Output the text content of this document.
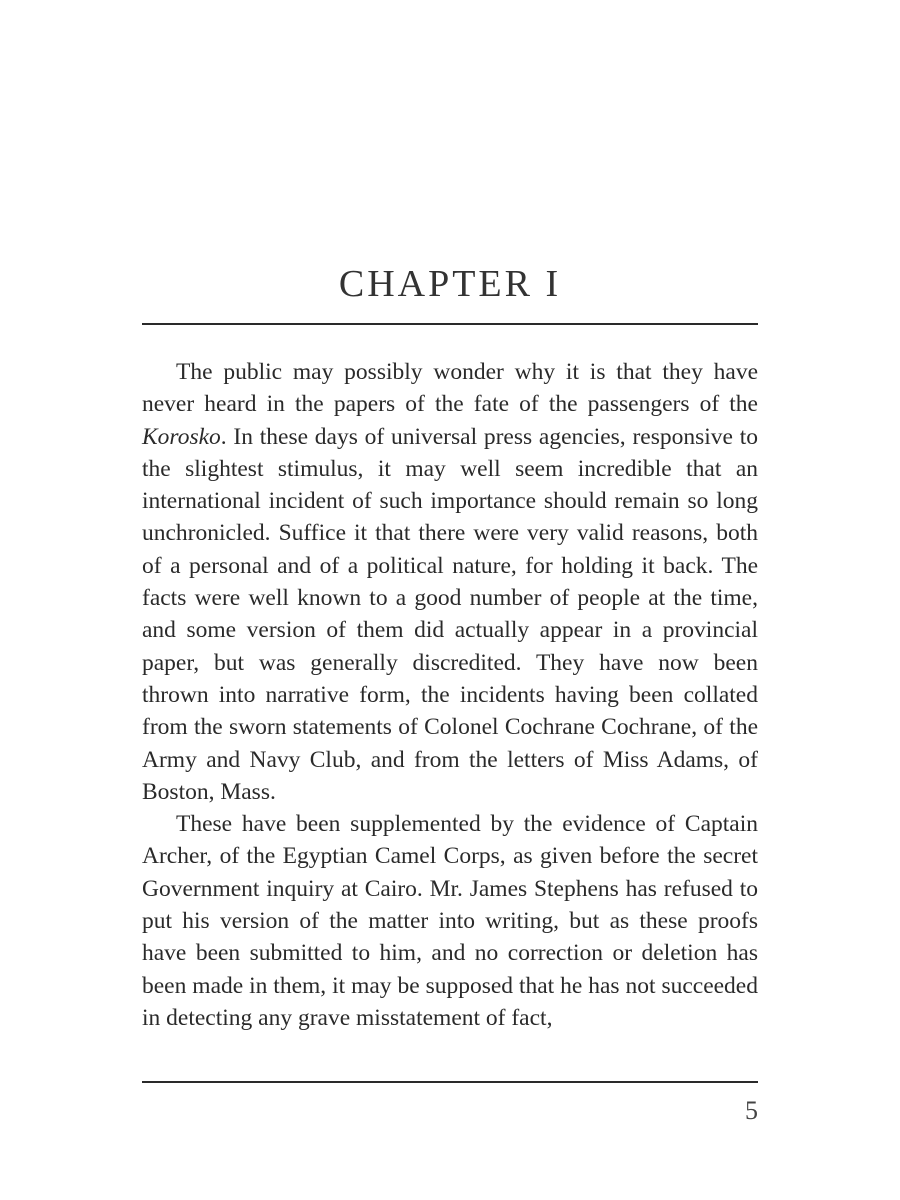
CHAPTER I

The public may possibly wonder why it is that they have never heard in the papers of the fate of the passengers of the Korosko. In these days of universal press agencies, responsive to the slightest stimulus, it may well seem incredible that an international incident of such importance should remain so long unchronicled. Suffice it that there were very valid reasons, both of a personal and of a political nature, for holding it back. The facts were well known to a good number of people at the time, and some version of them did actually appear in a provincial paper, but was generally discredited. They have now been thrown into narrative form, the incidents having been collated from the sworn statements of Colonel Cochrane Cochrane, of the Army and Navy Club, and from the letters of Miss Adams, of Boston, Mass.

These have been supplemented by the evidence of Captain Archer, of the Egyptian Camel Corps, as given before the secret Government inquiry at Cairo. Mr. James Stephens has refused to put his version of the matter into writing, but as these proofs have been submitted to him, and no correction or deletion has been made in them, it may be supposed that he has not succeeded in detecting any grave misstatement of fact,

5
